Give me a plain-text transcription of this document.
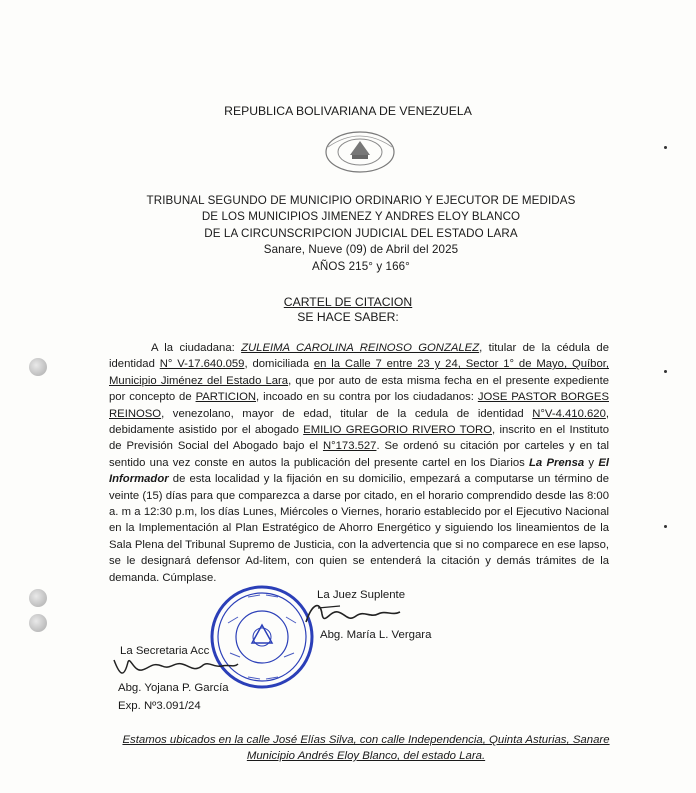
REPUBLICA BOLIVARIANA DE VENEZUELA
TRIBUNAL SEGUNDO DE MUNICIPIO ORDINARIO Y EJECUTOR DE MEDIDAS
DE LOS MUNICIPIOS JIMENEZ Y ANDRES ELOY BLANCO
DE LA CIRCUNSCRIPCION JUDICIAL DEL ESTADO LARA
Sanare, Nueve (09) de Abril del 2025
AÑOS 215° y 166°
CARTEL DE CITACION
SE HACE SABER:

A la ciudadana: ZULEIMA CAROLINA REINOSO GONZALEZ, titular de la cédula de identidad N° V-17.640.059, domiciliada en la Calle 7 entre 23 y 24, Sector 1° de Mayo, Quíbor, Municipio Jiménez del Estado Lara, que por auto de esta misma fecha en el presente expediente por concepto de PARTICION, incoado en su contra por los ciudadanos: JOSE PASTOR BORGES REINOSO, venezolano, mayor de edad, titular de la cedula de identidad N°V-4.410.620, debidamente asistido por el abogado EMILIO GREGORIO RIVERO TORO, inscrito en el Instituto de Previsión Social del Abogado bajo el N°173.527. Se ordenó su citación por carteles y en tal sentido una vez conste en autos la publicación del presente cartel en los Diarios La Prensa y El Informador de esta localidad y la fijación en su domicilio, empezará a computarse un término de veinte (15) días para que comparezca a darse por citado, en el horario comprendido desde las 8:00 a. m a 12:30 p.m, los días Lunes, Miércoles o Viernes, horario establecido por el Ejecutivo Nacional en la Implementación al Plan Estratégico de Ahorro Energético y siguiendo los lineamientos de la Sala Plena del Tribunal Supremo de Justicia, con la advertencia que si no comparece en ese lapso, se le designará defensor Ad-litem, con quien se entenderá la citación y demás trámites de la demanda. Cúmplase.

La Juez Suplente
Abg. María L. Vergara
La Secretaria Acc
Abg. Yojana P. García
Exp. Nº3.091/24
Estamos ubicados en la calle José Elías Silva, con calle Independencia, Quinta Asturias, Sanare
Municipio Andrés Eloy Blanco, del estado Lara.
